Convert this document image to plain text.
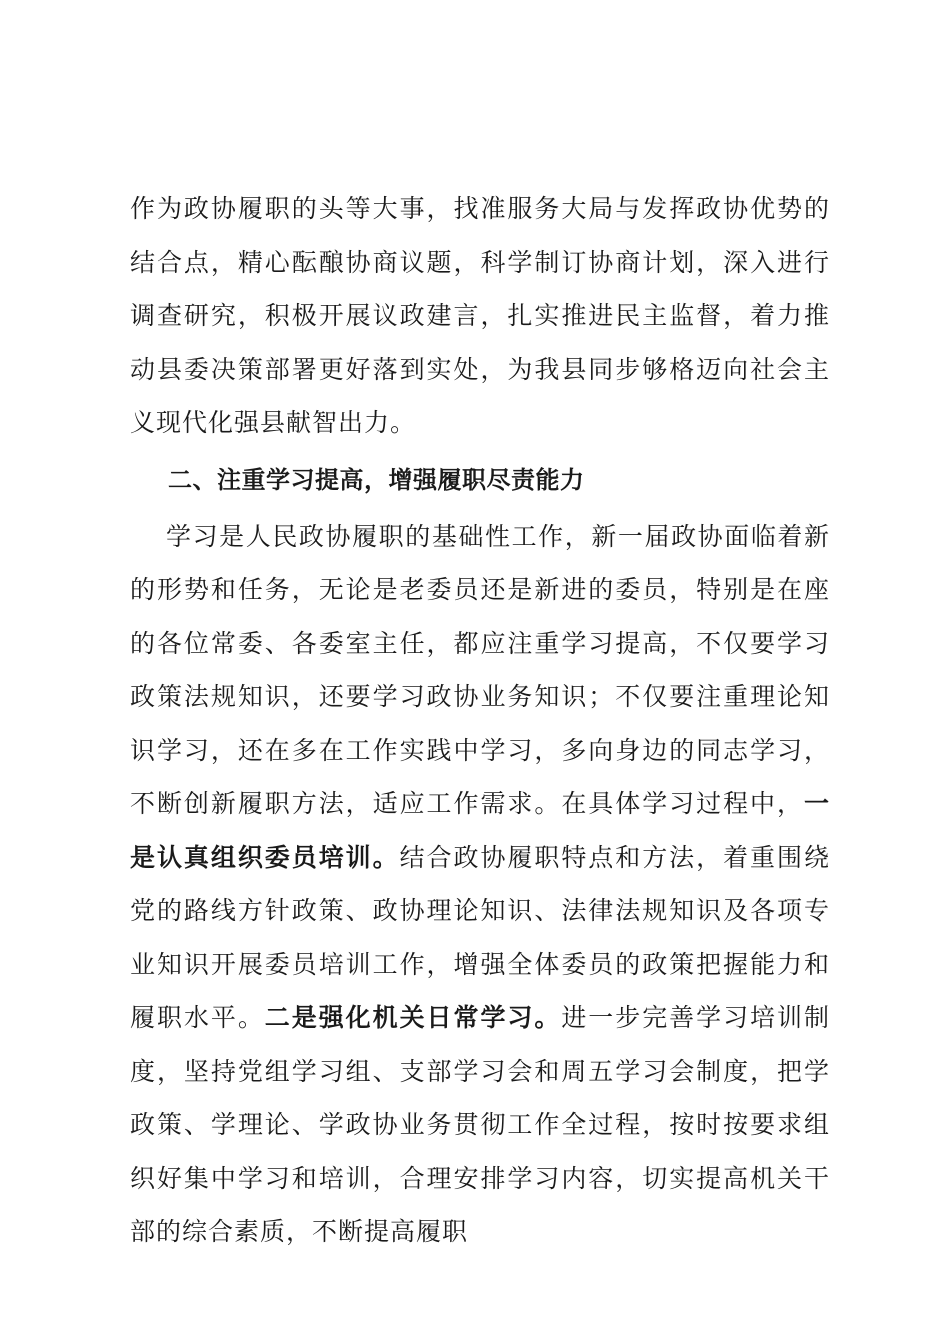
作为政协履职的头等大事，找准服务大局与发挥政协优势的结合点，精心酝酿协商议题，科学制订协商计划，深入进行调查研究，积极开展议政建言，扎实推进民主监督，着力推动县委决策部署更好落到实处，为我县同步够格迈向社会主义现代化强县献智出力。

二、注重学习提高，增强履职尽责能力

学习是人民政协履职的基础性工作，新一届政协面临着新的形势和任务，无论是老委员还是新进的委员，特别是在座的各位常委、各委室主任，都应注重学习提高，不仅要学习政策法规知识，还要学习政协业务知识；不仅要注重理论知识学习，还在多在工作实践中学习，多向身边的同志学习，不断创新履职方法，适应工作需求。在具体学习过程中，一是认真组织委员培训。结合政协履职特点和方法，着重围绕党的路线方针政策、政协理论知识、法律法规知识及各项专业知识开展委员培训工作，增强全体委员的政策把握能力和履职水平。二是强化机关日常学习。进一步完善学习培训制度，坚持党组学习组、支部学习会和周五学习会制度，把学政策、学理论、学政协业务贯彻工作全过程，按时按要求组织好集中学习和培训，合理安排学习内容，切实提高机关干部的综合素质，不断提高履职
